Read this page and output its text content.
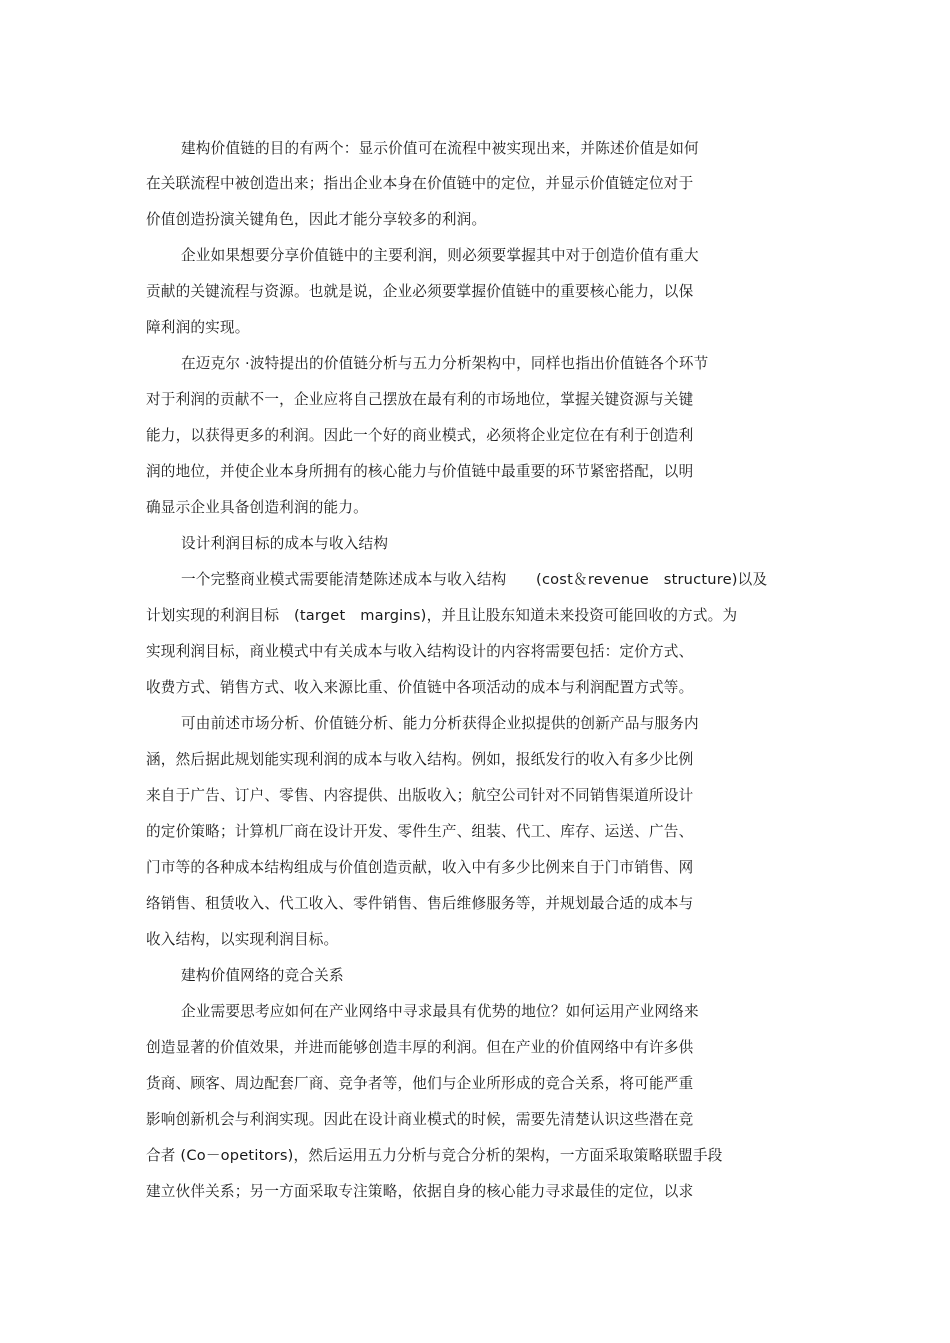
建构价值链的目的有两个：显示价值可在流程中被实现出来，并陈述价值是如何

在关联流程中被创造出来；指出企业本身在价值链中的定位，并显示价值链定位对于

价值创造扮演关键角色，因此才能分享较多的利润。

企业如果想要分享价值链中的主要利润，则必须要掌握其中对于创造价值有重大

贡献的关键流程与资源。也就是说，企业必须要掌握价值链中的重要核心能力，以保

障利润的实现。

在迈克尔 ·波特提出的价值链分析与五力分析架构中，同样也指出价值链各个环节

对于利润的贡献不一，企业应将自己摆放在最有利的市场地位，掌握关键资源与关键

能力，以获得更多的利润。因此一个好的商业模式，必须将企业定位在有利于创造利

润的地位，并使企业本身所拥有的核心能力与价值链中最重要的环节紧密搭配，以明

确显示企业具备创造利润的能力。

设计利润目标的成本与收入结构

一个完整商业模式需要能清楚陈述成本与收入结构　　(cost＆revenue　structure)以及

计划实现的利润目标　(target　margins)，并且让股东知道未来投资可能回收的方式。为

实现利润目标，商业模式中有关成本与收入结构设计的内容将需要包括：定价方式、

收费方式、销售方式、收入来源比重、价值链中各项活动的成本与利润配置方式等。

可由前述市场分析、价值链分析、能力分析获得企业拟提供的创新产品与服务内

涵，然后据此规划能实现利润的成本与收入结构。例如，报纸发行的收入有多少比例

来自于广告、订户、零售、内容提供、出版收入；航空公司针对不同销售渠道所设计

的定价策略；计算机厂商在设计开发、零件生产、组装、代工、库存、运送、广告、

门市等的各种成本结构组成与价值创造贡献，收入中有多少比例来自于门市销售、网

络销售、租赁收入、代工收入、零件销售、售后维修服务等，并规划最合适的成本与

收入结构，以实现利润目标。

建构价值网络的竞合关系

企业需要思考应如何在产业网络中寻求最具有优势的地位？如何运用产业网络来

创造显著的价值效果，并进而能够创造丰厚的利润。但在产业的价值网络中有许多供

货商、顾客、周边配套厂商、竞争者等，他们与企业所形成的竞合关系，将可能严重

影响创新机会与利润实现。因此在设计商业模式的时候，需要先清楚认识这些潜在竞

合者 (Co－opetitors)，然后运用五力分析与竞合分析的架构，一方面采取策略联盟手段

建立伙伴关系；另一方面采取专注策略，依据自身的核心能力寻求最佳的定位，以求
